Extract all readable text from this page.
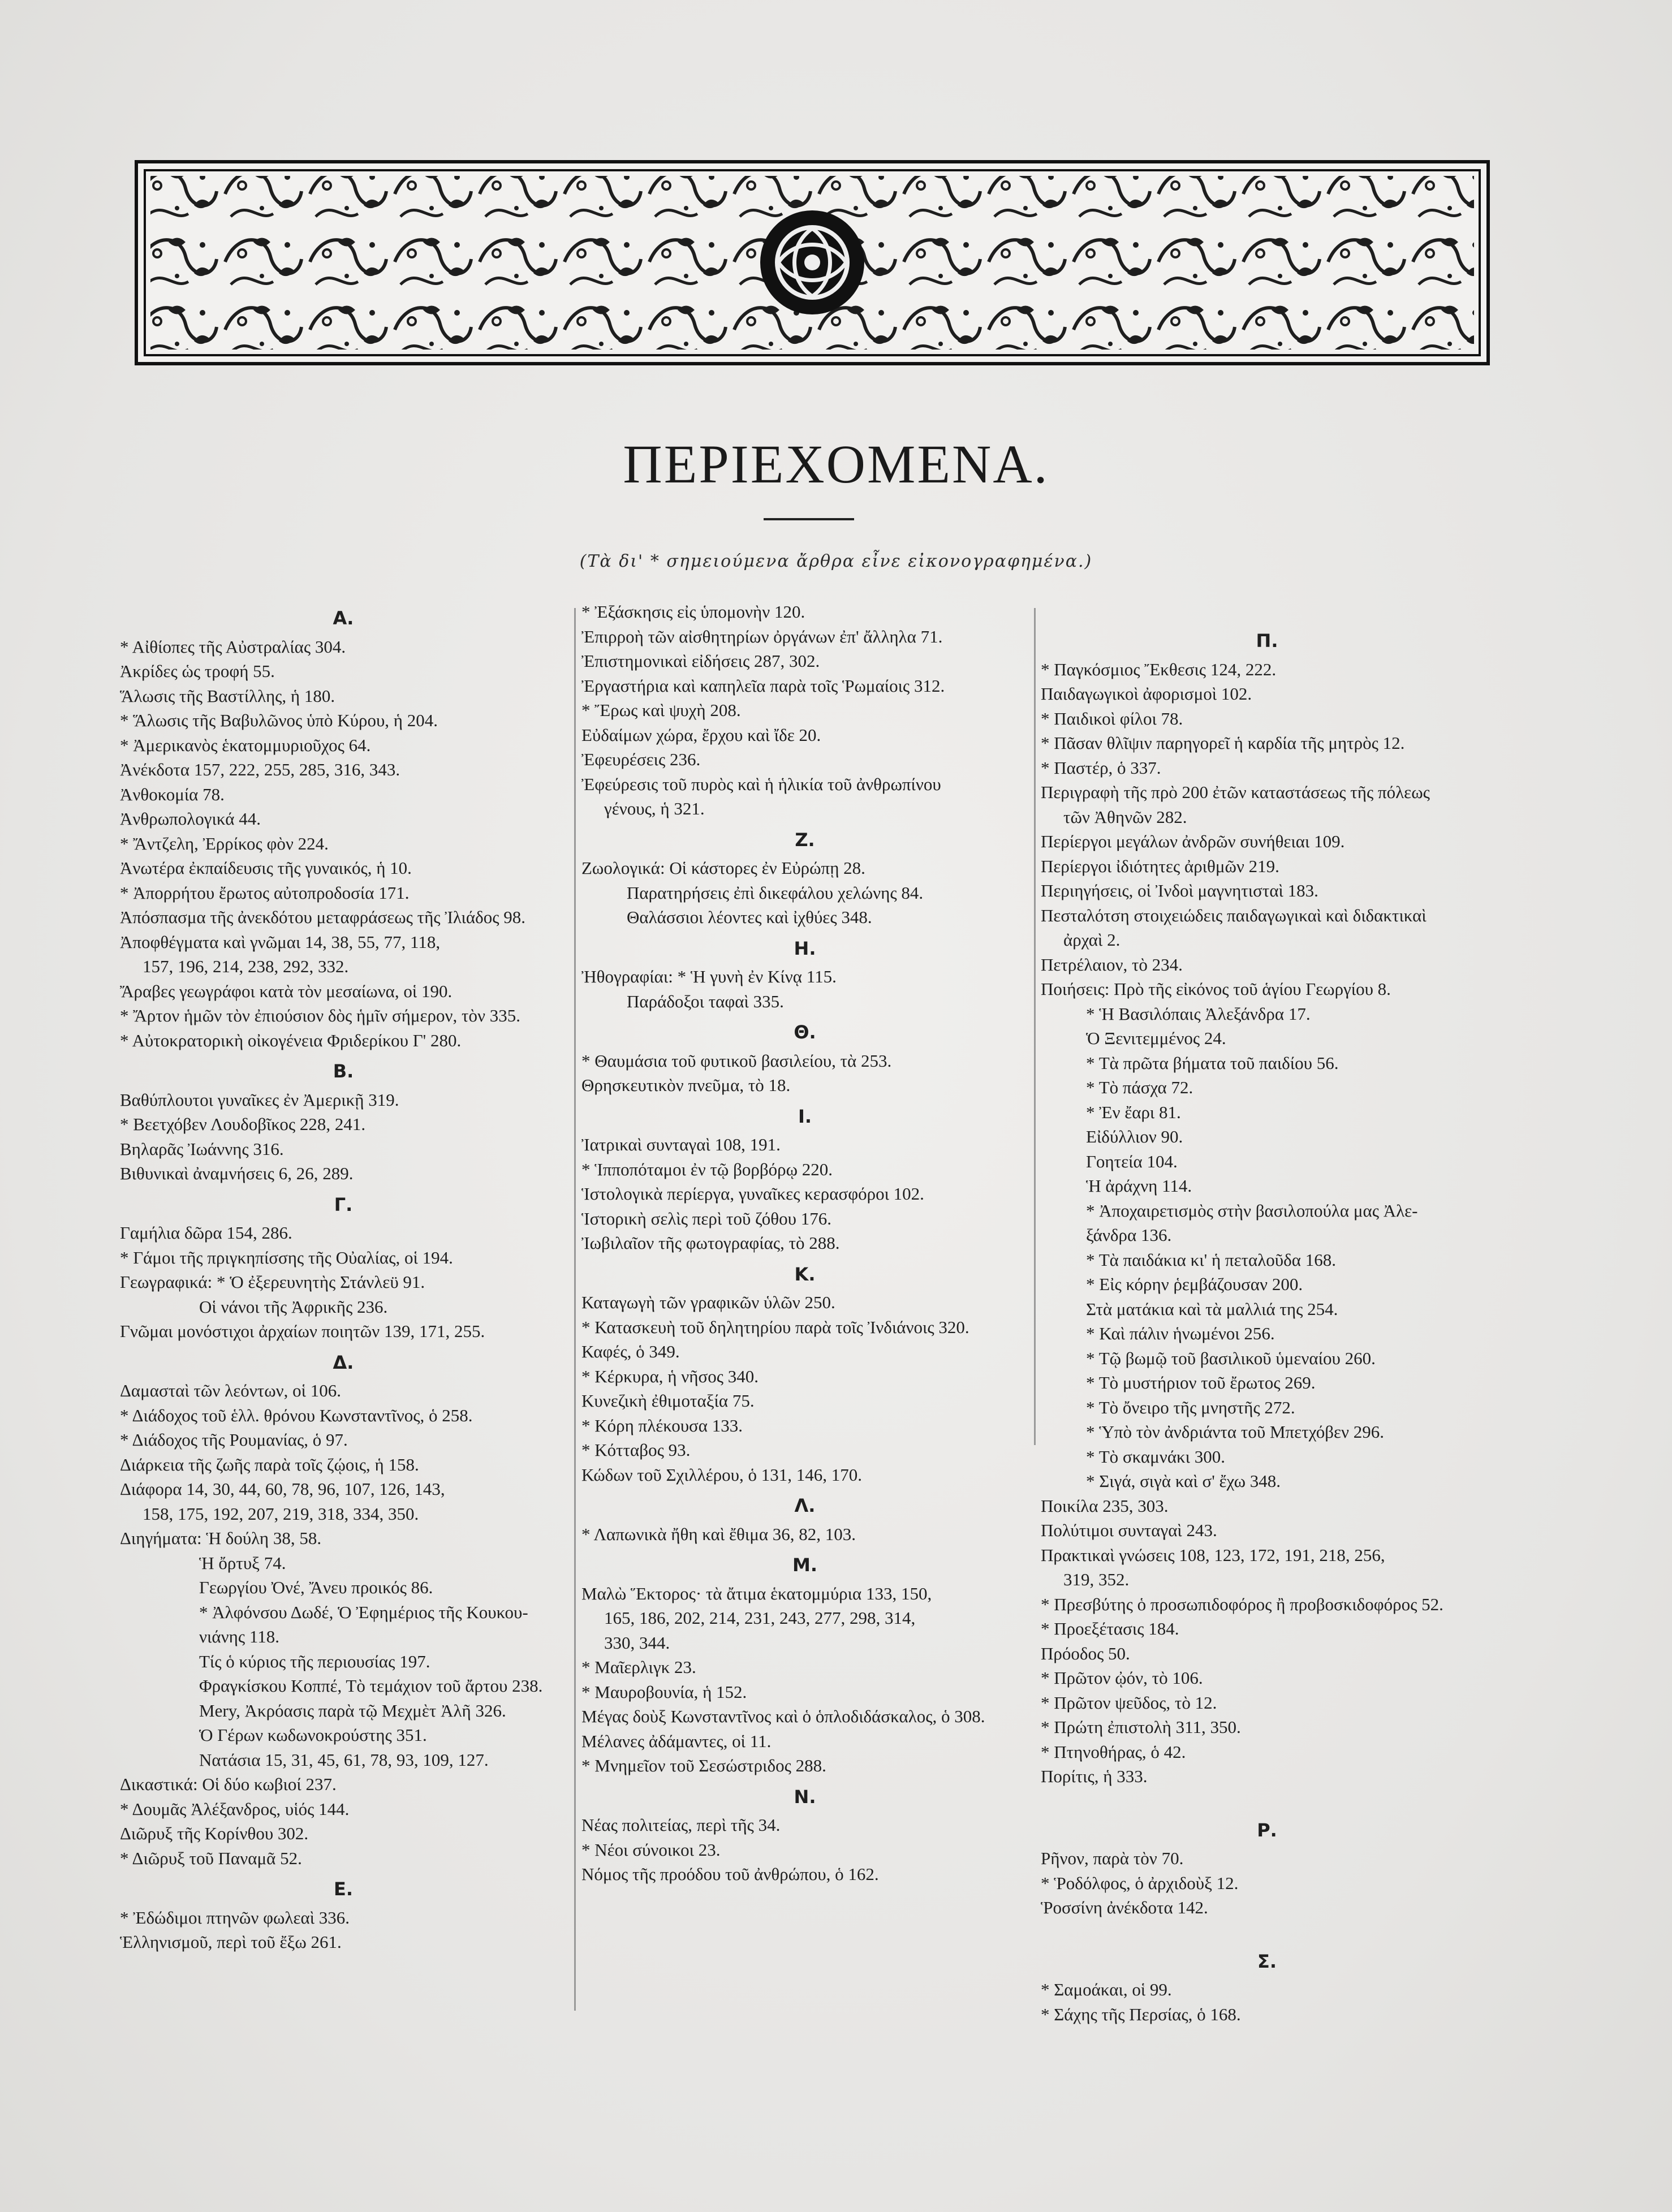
ΠΕΡΙΕΧΟΜΕΝΑ.
(Τὰ δι' * σημειούμενα ἄρθρα εἶνε εἰκονογραφημένα.)
Α.
* Αἰθίοπες τῆς Αὐστραλίας 304.
Ἀκρίδες ὡς τροφή 55.
Ἅλωσις τῆς Βαστίλλης, ἡ 180.
* Ἅλωσις τῆς Βαβυλῶνος ὑπὸ Κύρου, ἡ 204.
* Ἀμερικανὸς ἑκατομμυριοῦχος 64.
Ἀνέκδοτα 157, 222, 255, 285, 316, 343.
Ἀνθοκομία 78.
Ἀνθρωπολογικά 44.
* Ἄντζελη, Ἐρρίκος φὸν 224.
Ἀνωτέρα ἐκπαίδευσις τῆς γυναικός, ἡ 10.
* Ἀπορρήτου ἔρωτος αὐτοπροδοσία 171.
Ἀπόσπασμα τῆς ἀνεκδότου μεταφράσεως τῆς Ἰλιάδος 98.
Ἀποφθέγματα καὶ γνῶμαι 14, 38, 55, 77, 118,
157, 196, 214, 238, 292, 332.
Ἄραβες γεωγράφοι κατὰ τὸν μεσαίωνα, οἱ 190.
* Ἄρτον ἡμῶν τὸν ἐπιούσιον δὸς ἡμῖν σήμερον, τὸν 335.
* Αὐτοκρατορικὴ οἰκογένεια Φριδερίκου Γ' 280.
Β.
Βαθύπλουτοι γυναῖκες ἐν Ἀμερικῇ 319.
* Βεετχόβεν Λουδοβῖκος 228, 241.
Βηλαρᾶς Ἰωάννης 316.
Βιθυνικαὶ ἀναμνήσεις 6, 26, 289.
Γ.
Γαμήλια δῶρα 154, 286.
* Γάμοι τῆς πριγκηπίσσης τῆς Οὐαλίας, οἱ 194.
Γεωγραφικά: * Ὁ ἐξερευνητὴς Στάνλεϋ 91.
Οἱ νάνοι τῆς Ἀφρικῆς 236.
Γνῶμαι μονόστιχοι ἀρχαίων ποιητῶν 139, 171, 255.
Δ.
Δαμασταὶ τῶν λεόντων, οἱ 106.
* Διάδοχος τοῦ ἑλλ. θρόνου Κωνσταντῖνος, ὁ 258.
* Διάδοχος τῆς Ρουμανίας, ὁ 97.
Διάρκεια τῆς ζωῆς παρὰ τοῖς ζῴοις, ἡ 158.
Διάφορα 14, 30, 44, 60, 78, 96, 107, 126, 143,
158, 175, 192, 207, 219, 318, 334, 350.
Διηγήματα: Ἡ δούλη 38, 58.
Ἡ ὄρτυξ 74.
Γεωργίου Ὀνέ, Ἄνευ προικός 86.
* Ἀλφόνσου Δωδέ, Ὁ Ἐφημέριος τῆς Κουκου-
νιάνης 118.
Τίς ὁ κύριος τῆς περιουσίας 197.
Φραγκίσκου Κοππέ, Τὸ τεμάχιον τοῦ ἄρτου 238.
Mery, Ἀκρόασις παρὰ τῷ Μεχμὲτ Ἀλῆ 326.
Ὁ Γέρων κωδωνοκρούστης 351.
Νατάσια 15, 31, 45, 61, 78, 93, 109, 127.
Δικαστικά: Οἱ δύο κωβιοί 237.
* Δουμᾶς Ἀλέξανδρος, υἱός 144.
Διῶρυξ τῆς Κορίνθου 302.
* Διῶρυξ τοῦ Παναμᾶ 52.
Ε.
* Ἐδώδιμοι πτηνῶν φωλεαὶ 336.
Ἑλληνισμοῦ, περὶ τοῦ ἔξω 261.
* Ἐξάσκησις εἰς ὑπομονὴν 120.
Ἐπιρροὴ τῶν αἰσθητηρίων ὀργάνων ἐπ' ἄλληλα 71.
Ἐπιστημονικαὶ εἰδήσεις 287, 302.
Ἐργαστήρια καὶ καπηλεῖα παρὰ τοῖς Ῥωμαίοις 312.
* Ἔρως καὶ ψυχὴ 208.
Εὐδαίμων χώρα, ἔρχου καὶ ἴδε 20.
Ἐφευρέσεις 236.
Ἐφεύρεσις τοῦ πυρὸς καὶ ἡ ἡλικία τοῦ ἀνθρωπίνου
γένους, ἡ 321.
Ζ.
Ζωολογικά: Οἱ κάστορες ἐν Εὐρώπῃ 28.
Παρατηρήσεις ἐπὶ δικεφάλου χελώνης 84.
Θαλάσσιοι λέοντες καὶ ἰχθύες 348.
Η.
Ἠθογραφίαι: * Ἡ γυνὴ ἐν Κίνᾳ 115.
Παράδοξοι ταφαὶ 335.
Θ.
* Θαυμάσια τοῦ φυτικοῦ βασιλείου, τὰ 253.
Θρησκευτικὸν πνεῦμα, τὸ 18.
Ι.
Ἰατρικαὶ συνταγαὶ 108, 191.
* Ἱπποπόταμοι ἐν τῷ βορβόρῳ 220.
Ἱστολογικὰ περίεργα, γυναῖκες κερασφόροι 102.
Ἱστορικὴ σελὶς περὶ τοῦ ζόθου 176.
Ἰωβιλαῖον τῆς φωτογραφίας, τὸ 288.
Κ.
Καταγωγὴ τῶν γραφικῶν ὑλῶν 250.
* Κατασκευὴ τοῦ δηλητηρίου παρὰ τοῖς Ἰνδιάνοις 320.
Καφές, ὁ 349.
* Κέρκυρα, ἡ νῆσος 340.
Κυνεζικὴ ἐθιμοταξία 75.
* Κόρη πλέκουσα 133.
* Κότταβος 93.
Κώδων τοῦ Σχιλλέρου, ὁ 131, 146, 170.
Λ.
* Λαπωνικὰ ἤθη καὶ ἔθιμα 36, 82, 103.
Μ.
Μαλὼ Ἕκτορος· τὰ ἄτιμα ἑκατομμύρια 133, 150,
165, 186, 202, 214, 231, 243, 277, 298, 314,
330, 344.
* Μαῖερλιγκ 23.
* Μαυροβουνία, ἡ 152.
Μέγας δοὺξ Κωνσταντῖνος καὶ ὁ ὁπλοδιδάσκαλος, ὁ 308.
Μέλανες ἀδάμαντες, οἱ 11.
* Μνημεῖον τοῦ Σεσώστριδος 288.
Ν.
Νέας πολιτείας, περὶ τῆς 34.
* Νέοι σύνοικοι 23.
Νόμος τῆς προόδου τοῦ ἀνθρώπου, ὁ 162.
Π.
* Παγκόσμιος Ἔκθεσις 124, 222.
Παιδαγωγικοὶ ἀφορισμοὶ 102.
* Παιδικοὶ φίλοι 78.
* Πᾶσαν θλῖψιν παρηγορεῖ ἡ καρδία τῆς μητρὸς 12.
* Παστέρ, ὁ 337.
Περιγραφὴ τῆς πρὸ 200 ἐτῶν καταστάσεως τῆς πόλεως
τῶν Ἀθηνῶν 282.
Περίεργοι μεγάλων ἀνδρῶν συνήθειαι 109.
Περίεργοι ἰδιότητες ἀριθμῶν 219.
Περιηγήσεις, οἱ Ἰνδοὶ μαγνητισταὶ 183.
Πεσταλότση στοιχειώδεις παιδαγωγικαὶ καὶ διδακτικαὶ
ἀρχαὶ 2.
Πετρέλαιον, τὸ 234.
Ποιήσεις: Πρὸ τῆς εἰκόνος τοῦ ἁγίου Γεωργίου 8.
* Ἡ Βασιλόπαις Ἀλεξάνδρα 17.
Ὁ Ξενιτεμμένος 24.
* Τὰ πρῶτα βήματα τοῦ παιδίου 56.
* Τὸ πάσχα 72.
* Ἐν ἔαρι 81.
Εἰδύλλιον 90.
Γοητεία 104.
Ἡ ἀράχνη 114.
* Ἀποχαιρετισμὸς στὴν βασιλοπούλα μας Ἀλε-
ξάνδρα 136.
* Τὰ παιδάκια κι' ἡ πεταλοῦδα 168.
* Εἰς κόρην ῥεμβάζουσαν 200.
Στὰ ματάκια καὶ τὰ μαλλιά της 254.
* Καὶ πάλιν ἡνωμένοι 256.
* Τῷ βωμῷ τοῦ βασιλικοῦ ὑμεναίου 260.
* Τὸ μυστήριον τοῦ ἔρωτος 269.
* Τὸ ὄνειρο τῆς μνηστῆς 272.
* Ὑπὸ τὸν ἀνδριάντα τοῦ Μπετχόβεν 296.
* Τὸ σκαμνάκι 300.
* Σιγά, σιγὰ καὶ σ' ἔχω 348.
Ποικίλα 235, 303.
Πολύτιμοι συνταγαὶ 243.
Πρακτικαὶ γνώσεις 108, 123, 172, 191, 218, 256,
319, 352.
* Πρεσβύτης ὁ προσωπιδοφόρος ἢ προβοσκιδοφόρος 52.
* Προεξέτασις 184.
Πρόοδος 50.
* Πρῶτον ᾠόν, τὸ 106.
* Πρῶτον ψεῦδος, τὸ 12.
* Πρώτη ἐπιστολὴ 311, 350.
* Πτηνοθήρας, ὁ 42.
Πορίτις, ἡ 333.
Ρ.
Ρῆνον, παρὰ τὸν 70.
* Ῥοδόλφος, ὁ ἀρχιδοὺξ 12.
Ῥοσσίνη ἀνέκδοτα 142.
Σ.
* Σαμοάκαι, οἱ 99.
* Σάχης τῆς Περσίας, ὁ 168.
